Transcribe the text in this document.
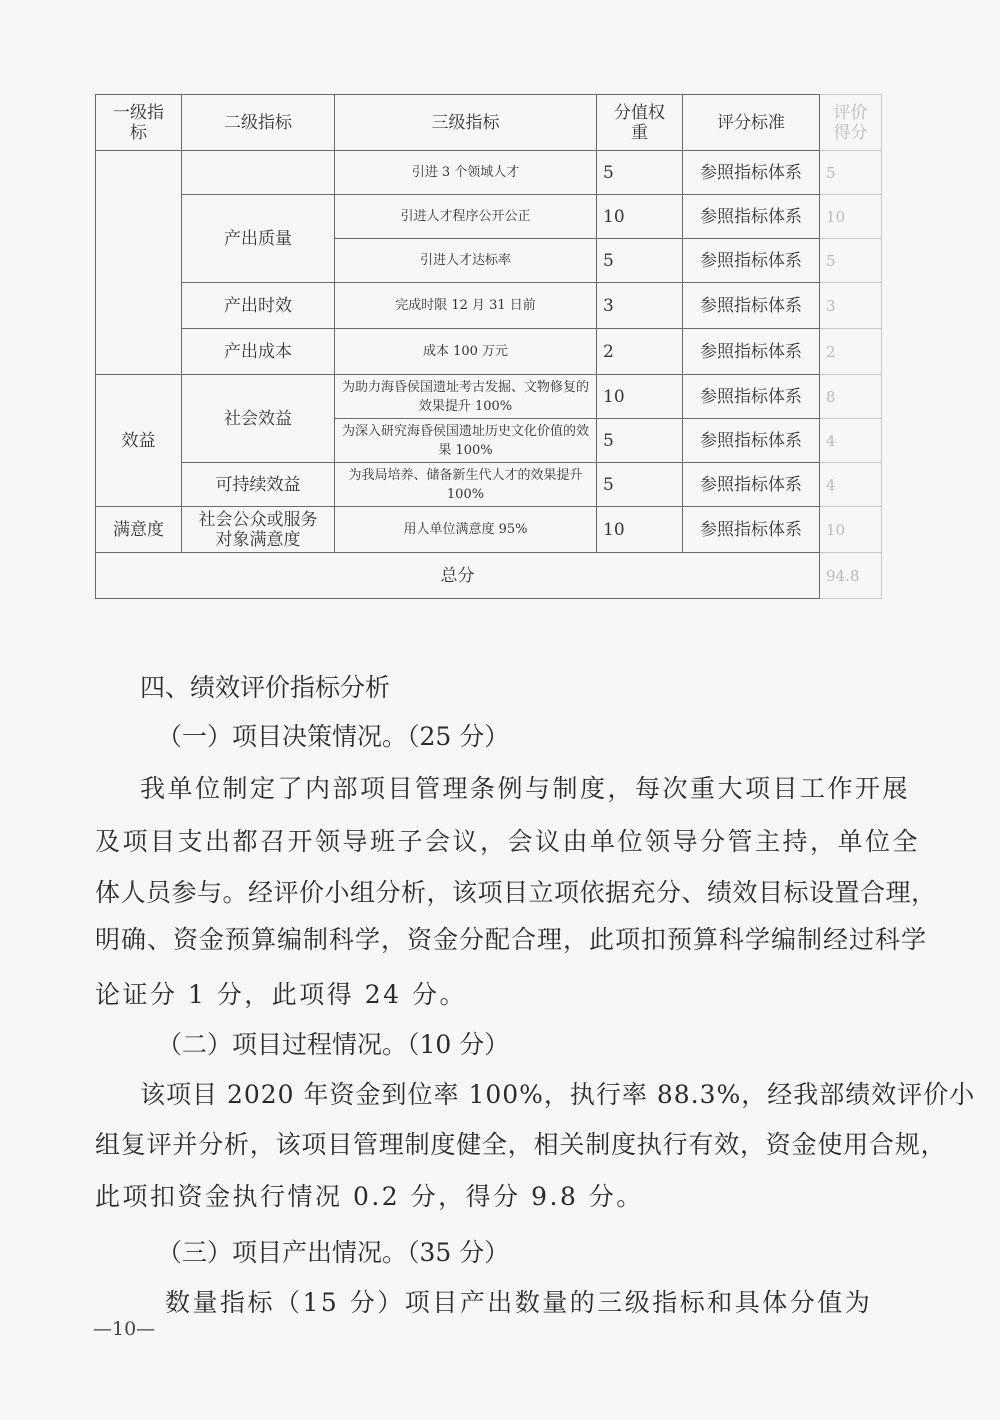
一级指标	二级指标	三级指标	分值权重	评分标准	评价得分
		引进 3 个领域人才	5	参照指标体系	5
	产出质量	引进人才程序公开公正	10	参照指标体系	10
		引进人才达标率	5	参照指标体系	5
	产出时效	完成时限 12 月 31 日前	3	参照指标体系	3
	产出成本	成本 100 万元	2	参照指标体系	2
效益	社会效益	为助力海昏侯国遗址考古发掘、文物修复的效果提升 100%	10	参照指标体系	8
		为深入研究海昏侯国遗址历史文化价值的效果 100%	5	参照指标体系	4
	可持续效益	为我局培养、储备新生代人才的效果提升 100%	5	参照指标体系	4
满意度	社会公众或服务对象满意度	用人单位满意度 95%	10	参照指标体系	10
总分					94.8
四、绩效评价指标分析
（一）项目决策情况。（25 分）
我单位制定了内部项目管理条例与制度，每次重大项目工作开展
及项目支出都召开领导班子会议，会议由单位领导分管主持，单位全
体人员参与。经评价小组分析，该项目立项依据充分、绩效目标设置合理，
明确、资金预算编制科学，资金分配合理，此项扣预算科学编制经过科学
论证分 1 分，此项得 24 分。
（二）项目过程情况。（10 分）
该项目 2020 年资金到位率 100%，执行率 88.3%，经我部绩效评价小
组复评并分析，该项目管理制度健全，相关制度执行有效，资金使用合规，
此项扣资金执行情况 0.2 分，得分 9.8 分。
（三）项目产出情况。（35 分）
数量指标（15 分）项目产出数量的三级指标和具体分值为
—10—
